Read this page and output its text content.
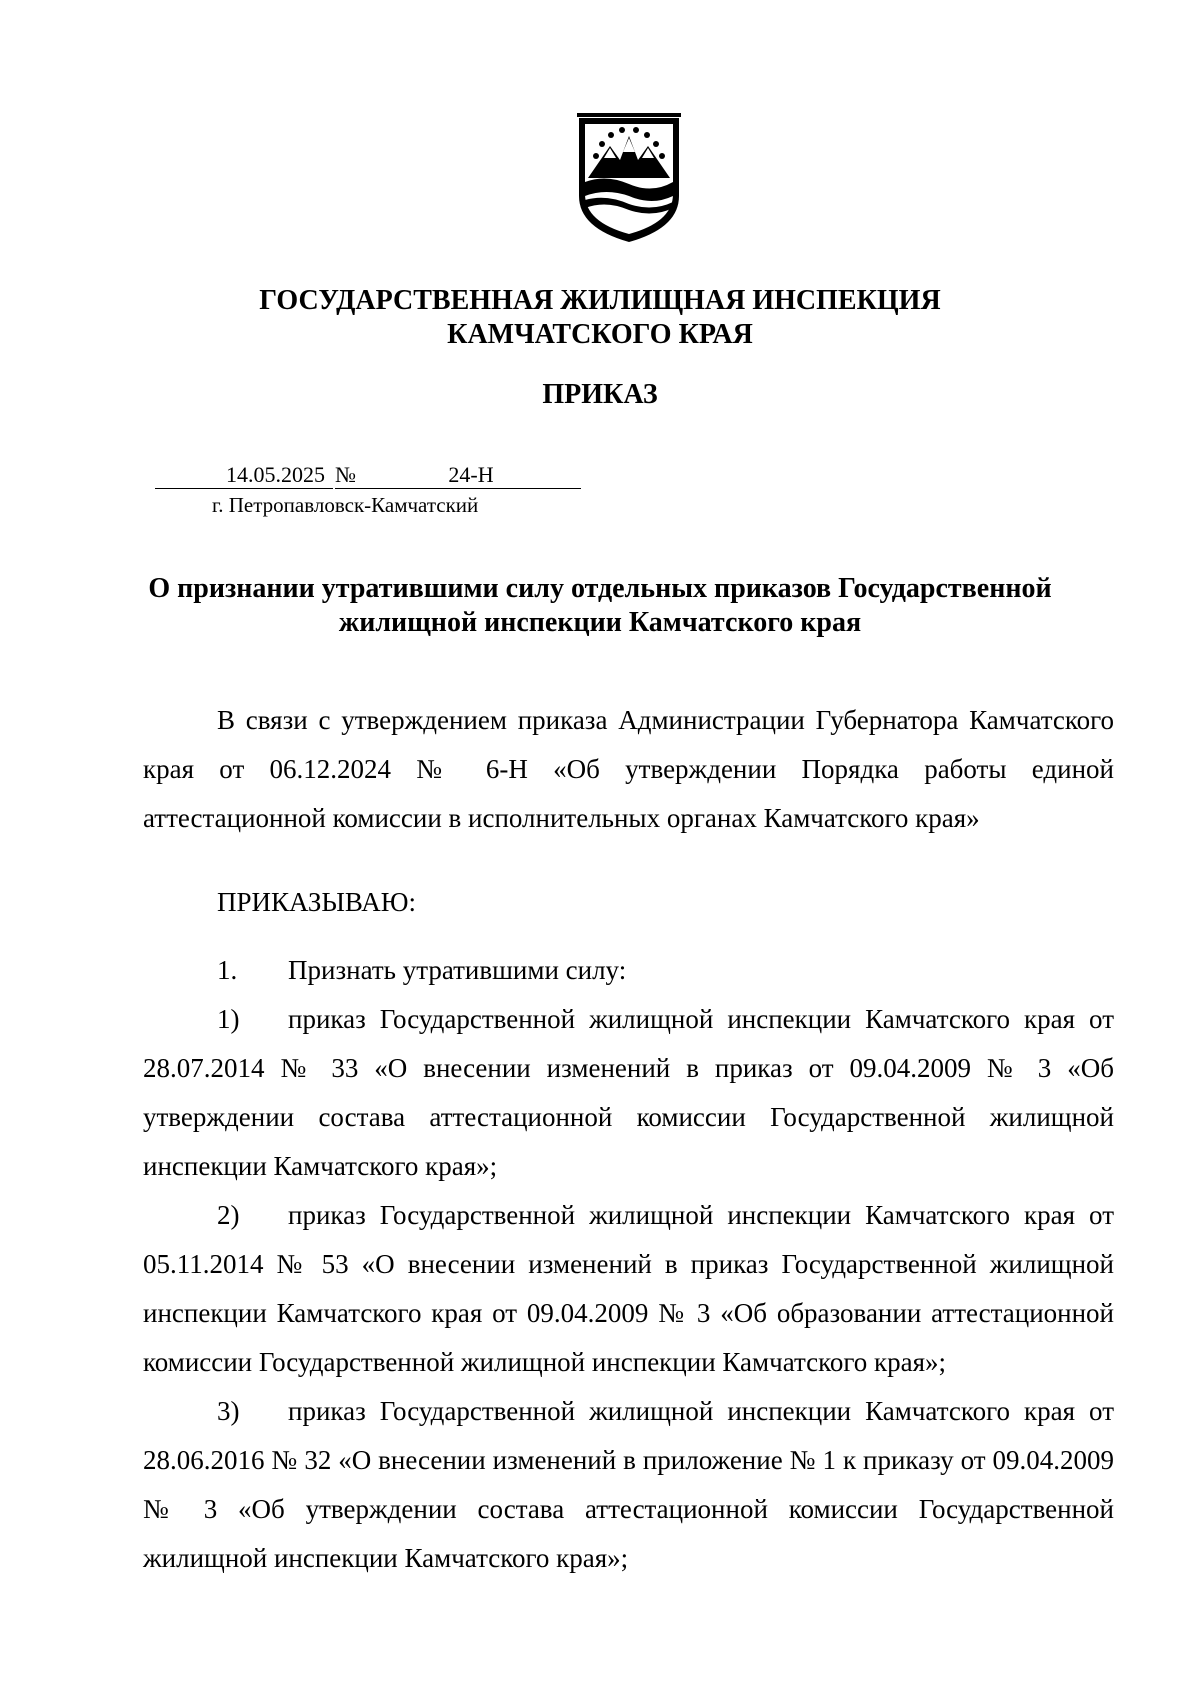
ГОСУДАРСТВЕННАЯ ЖИЛИЩНАЯ ИНСПЕКЦИЯ
КАМЧАТСКОГО КРАЯ
ПРИКАЗ
14.05.2025 №	24-Н
г. Петропавловск-Камчатский
О признании утратившими силу отдельных приказов Государственной жилищной инспекции Камчатского края

В связи с утверждением приказа Администрации Губернатора Камчатского края от 06.12.2024 № 6-Н «Об утверждении Порядка работы единой аттестационной комиссии в исполнительных органах Камчатского края»

ПРИКАЗЫВАЮ:

1. Признать утратившими силу:

1) приказ Государственной жилищной инспекции Камчатского края от 28.07.2014 № 33 «О внесении изменений в приказ от 09.04.2009 № 3 «Об утверждении состава аттестационной комиссии Государственной жилищной инспекции Камчатского края»;

2) приказ Государственной жилищной инспекции Камчатского края от 05.11.2014 № 53 «О внесении изменений в приказ Государственной жилищной инспекции Камчатского края от 09.04.2009 № 3 «Об образовании аттестационной комиссии Государственной жилищной инспекции Камчатского края»;

3) приказ Государственной жилищной инспекции Камчатского края от 28.06.2016 № 32 «О внесении изменений в приложение № 1 к приказу от 09.04.2009 № 3 «Об утверждении состава аттестационной комиссии Государственной жилищной инспекции Камчатского края»;
